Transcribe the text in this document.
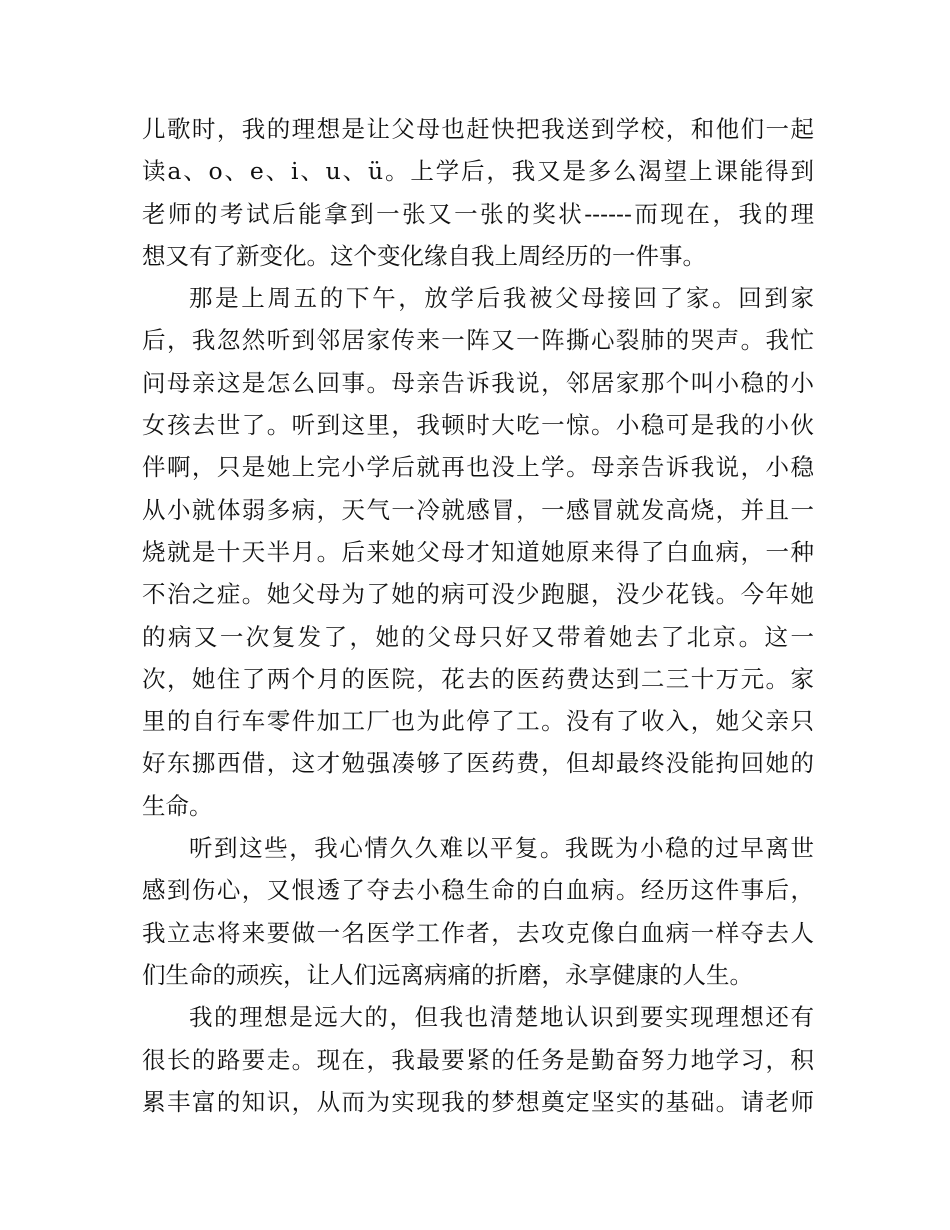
儿歌时，我的理想是让父母也赶快把我送到学校，和他们一起
读a、o、e、i、u、ü。上学后，我又是多么渴望上课能得到
老师的考试后能拿到一张又一张的奖状------而现在，我的理
想又有了新变化。这个变化缘自我上周经历的一件事。
那是上周五的下午，放学后我被父母接回了家。回到家
后，我忽然听到邻居家传来一阵又一阵撕心裂肺的哭声。我忙
问母亲这是怎么回事。母亲告诉我说，邻居家那个叫小稳的小
女孩去世了。听到这里，我顿时大吃一惊。小稳可是我的小伙
伴啊，只是她上完小学后就再也没上学。母亲告诉我说，小稳
从小就体弱多病，天气一冷就感冒，一感冒就发高烧，并且一
烧就是十天半月。后来她父母才知道她原来得了白血病，一种
不治之症。她父母为了她的病可没少跑腿，没少花钱。今年她
的病又一次复发了，她的父母只好又带着她去了北京。这一
次，她住了两个月的医院，花去的医药费达到二三十万元。家
里的自行车零件加工厂也为此停了工。没有了收入，她父亲只
好东挪西借，这才勉强凑够了医药费，但却最终没能拘回她的
生命。
听到这些，我心情久久难以平复。我既为小稳的过早离世
感到伤心，又恨透了夺去小稳生命的白血病。经历这件事后，
我立志将来要做一名医学工作者，去攻克像白血病一样夺去人
们生命的顽疾，让人们远离病痛的折磨，永享健康的人生。
我的理想是远大的，但我也清楚地认识到要实现理想还有
很长的路要走。现在，我最要紧的任务是勤奋努力地学习，积
累丰富的知识，从而为实现我的梦想奠定坚实的基础。请老师
